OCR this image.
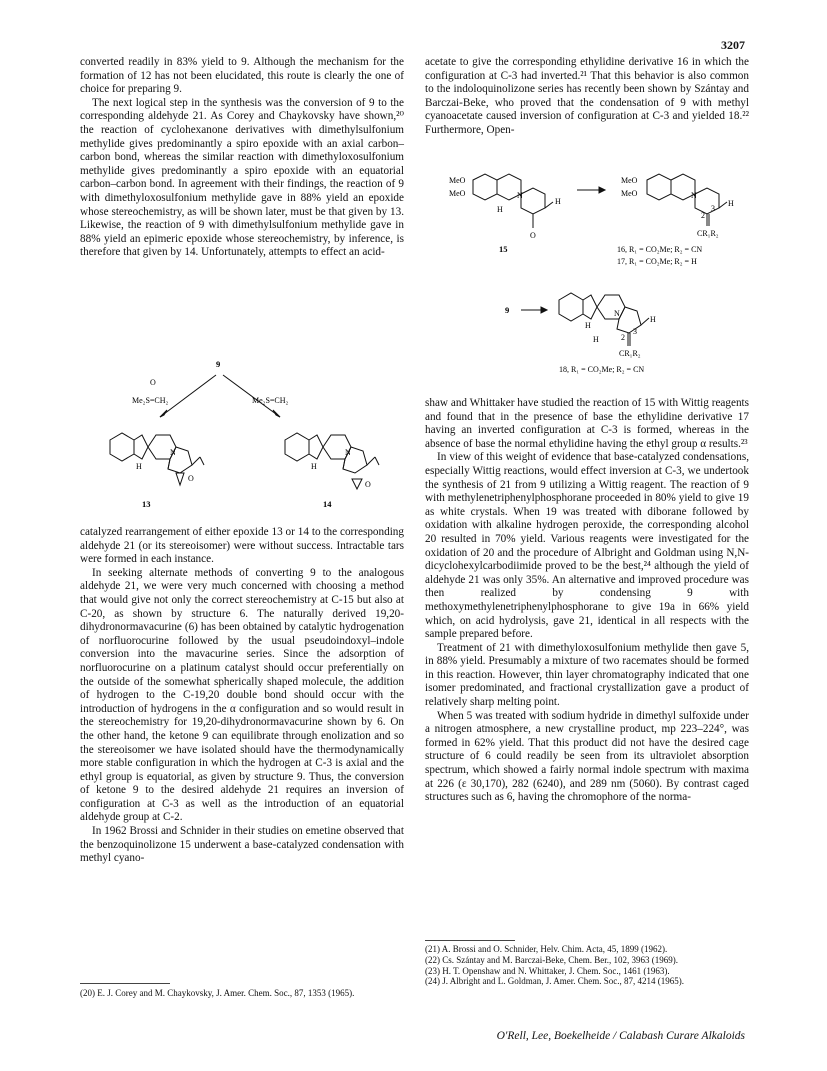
3207

converted readily in 83% yield to 9. Although the mechanism for the formation of 12 has not been elucidated, this route is clearly the one of choice for preparing 9.

The next logical step in the synthesis was the conversion of 9 to the corresponding aldehyde 21. As Corey and Chaykovsky have shown,²⁰ the reaction of cyclohexanone derivatives with dimethylsulfonium methylide gives predominantly a spiro epoxide with an axial carbon–carbon bond, whereas the similar reaction with dimethyloxosulfonium methylide gives predominantly a spiro epoxide with an equatorial carbon–carbon bond. In agreement with their findings, the reaction of 9 with dimethyloxosulfonium methylide gave in 88% yield an epoxide whose stereochemistry, as will be shown later, must be that given by 13. Likewise, the reaction of 9 with dimethylsulfonium methylide gave in 88% yield an epimeric epoxide whose stereochemistry, by inference, is therefore that given by 14. Unfortunately, attempts to effect an acid-

9
O
Me₂S=CH₂	Me₂S=CH₂
N
H
O
13
N
H
O
14

catalyzed rearrangement of either epoxide 13 or 14 to the corresponding aldehyde 21 (or its stereoisomer) were without success. Intractable tars were formed in each instance.

In seeking alternate methods of converting 9 to the analogous aldehyde 21, we were very much concerned with choosing a method that would give not only the correct stereochemistry at C-15 but also at C-20, as shown by structure 6. The naturally derived 19,20-dihydronormavacurine (6) has been obtained by catalytic hydrogenation of norfluorocurine followed by the usual pseudoindoxyl–indole conversion into the mavacurine series. Since the adsorption of norfluorocurine on a platinum catalyst should occur preferentially on the outside of the somewhat spherically shaped molecule, the addition of hydrogen to the C-19,20 double bond should occur with the introduction of hydrogens in the α configuration and so would result in the stereochemistry for 19,20-dihydronormavacurine shown by 6. On the other hand, the ketone 9 can equilibrate through enolization and so the stereoisomer we have isolated should have the thermodynamically more stable configuration in which the hydrogen at C-3 is axial and the ethyl group is equatorial, as given by structure 9. Thus, the conversion of ketone 9 to the desired aldehyde 21 requires an inversion of configuration at C-3 as well as the introduction of an equatorial aldehyde group at C-2.

In 1962 Brossi and Schnider in their studies on emetine observed that the benzoquinolizone 15 underwent a base-catalyzed condensation with methyl cyano-

(20) E. J. Corey and M. Chaykovsky, J. Amer. Chem. Soc., 87, 1353 (1965).

acetate to give the corresponding ethylidine derivative 16 in which the configuration at C-3 had inverted.²¹ That this behavior is also common to the indoloquinolizone series has recently been shown by Szántay and Barczai-Beke, who proved that the condensation of 9 with methyl cyanoacetate caused inversion of configuration at C-3 and yielded 18.²² Furthermore, Open-

MeO
MeO	N
H
H
O
15
MeO
MeO	N
H
2
3
CR₁R₂
16, R₁ = CO₂Me; R₂ = CN
17, R₁ = CO₂Me; R₂ = H
9	N
H
H
H
2
3
CR₁R₂
18, R₁ = CO₂Me; R₂ = CN

shaw and Whittaker have studied the reaction of 15 with Wittig reagents and found that in the presence of base the ethylidine derivative 17 having an inverted configuration at C-3 is formed, whereas in the absence of base the normal ethylidine having the ethyl group α results.²³

In view of this weight of evidence that base-catalyzed condensations, especially Wittig reactions, would effect inversion at C-3, we undertook the synthesis of 21 from 9 utilizing a Wittig reagent. The reaction of 9 with methylenetriphenylphosphorane proceeded in 80% yield to give 19 as white crystals. When 19 was treated with diborane followed by oxidation with alkaline hydrogen peroxide, the corresponding alcohol 20 resulted in 70% yield. Various reagents were investigated for the oxidation of 20 and the procedure of Albright and Goldman using N,N-dicyclohexylcarbodiimide proved to be the best,²⁴ although the yield of aldehyde 21 was only 35%. An alternative and improved procedure was then realized by condensing 9 with methoxymethylenetriphenylphosphorane to give 19a in 66% yield which, on acid hydrolysis, gave 21, identical in all respects with the sample prepared before.

Treatment of 21 with dimethyloxosulfonium methylide then gave 5, in 88% yield. Presumably a mixture of two racemates should be formed in this reaction. However, thin layer chromatography indicated that one isomer predominated, and fractional crystallization gave a product of relatively sharp melting point.

When 5 was treated with sodium hydride in dimethyl sulfoxide under a nitrogen atmosphere, a new crystalline product, mp 223–224°, was formed in 62% yield. That this product did not have the desired cage structure of 6 could readily be seen from its ultraviolet absorption spectrum, which showed a fairly normal indole spectrum with maxima at 226 (ε 30,170), 282 (6240), and 289 nm (5060). By contrast caged structures such as 6, having the chromophore of the norma-

(21) A. Brossi and O. Schnider, Helv. Chim. Acta, 45, 1899 (1962).

(22) Cs. Szántay and M. Barczai-Beke, Chem. Ber., 102, 3963 (1969).

(23) H. T. Openshaw and N. Whittaker, J. Chem. Soc., 1461 (1963).

(24) J. Albright and L. Goldman, J. Amer. Chem. Soc., 87, 4214 (1965).

O'Rell, Lee, Boekelheide / Calabash Curare Alkaloids
